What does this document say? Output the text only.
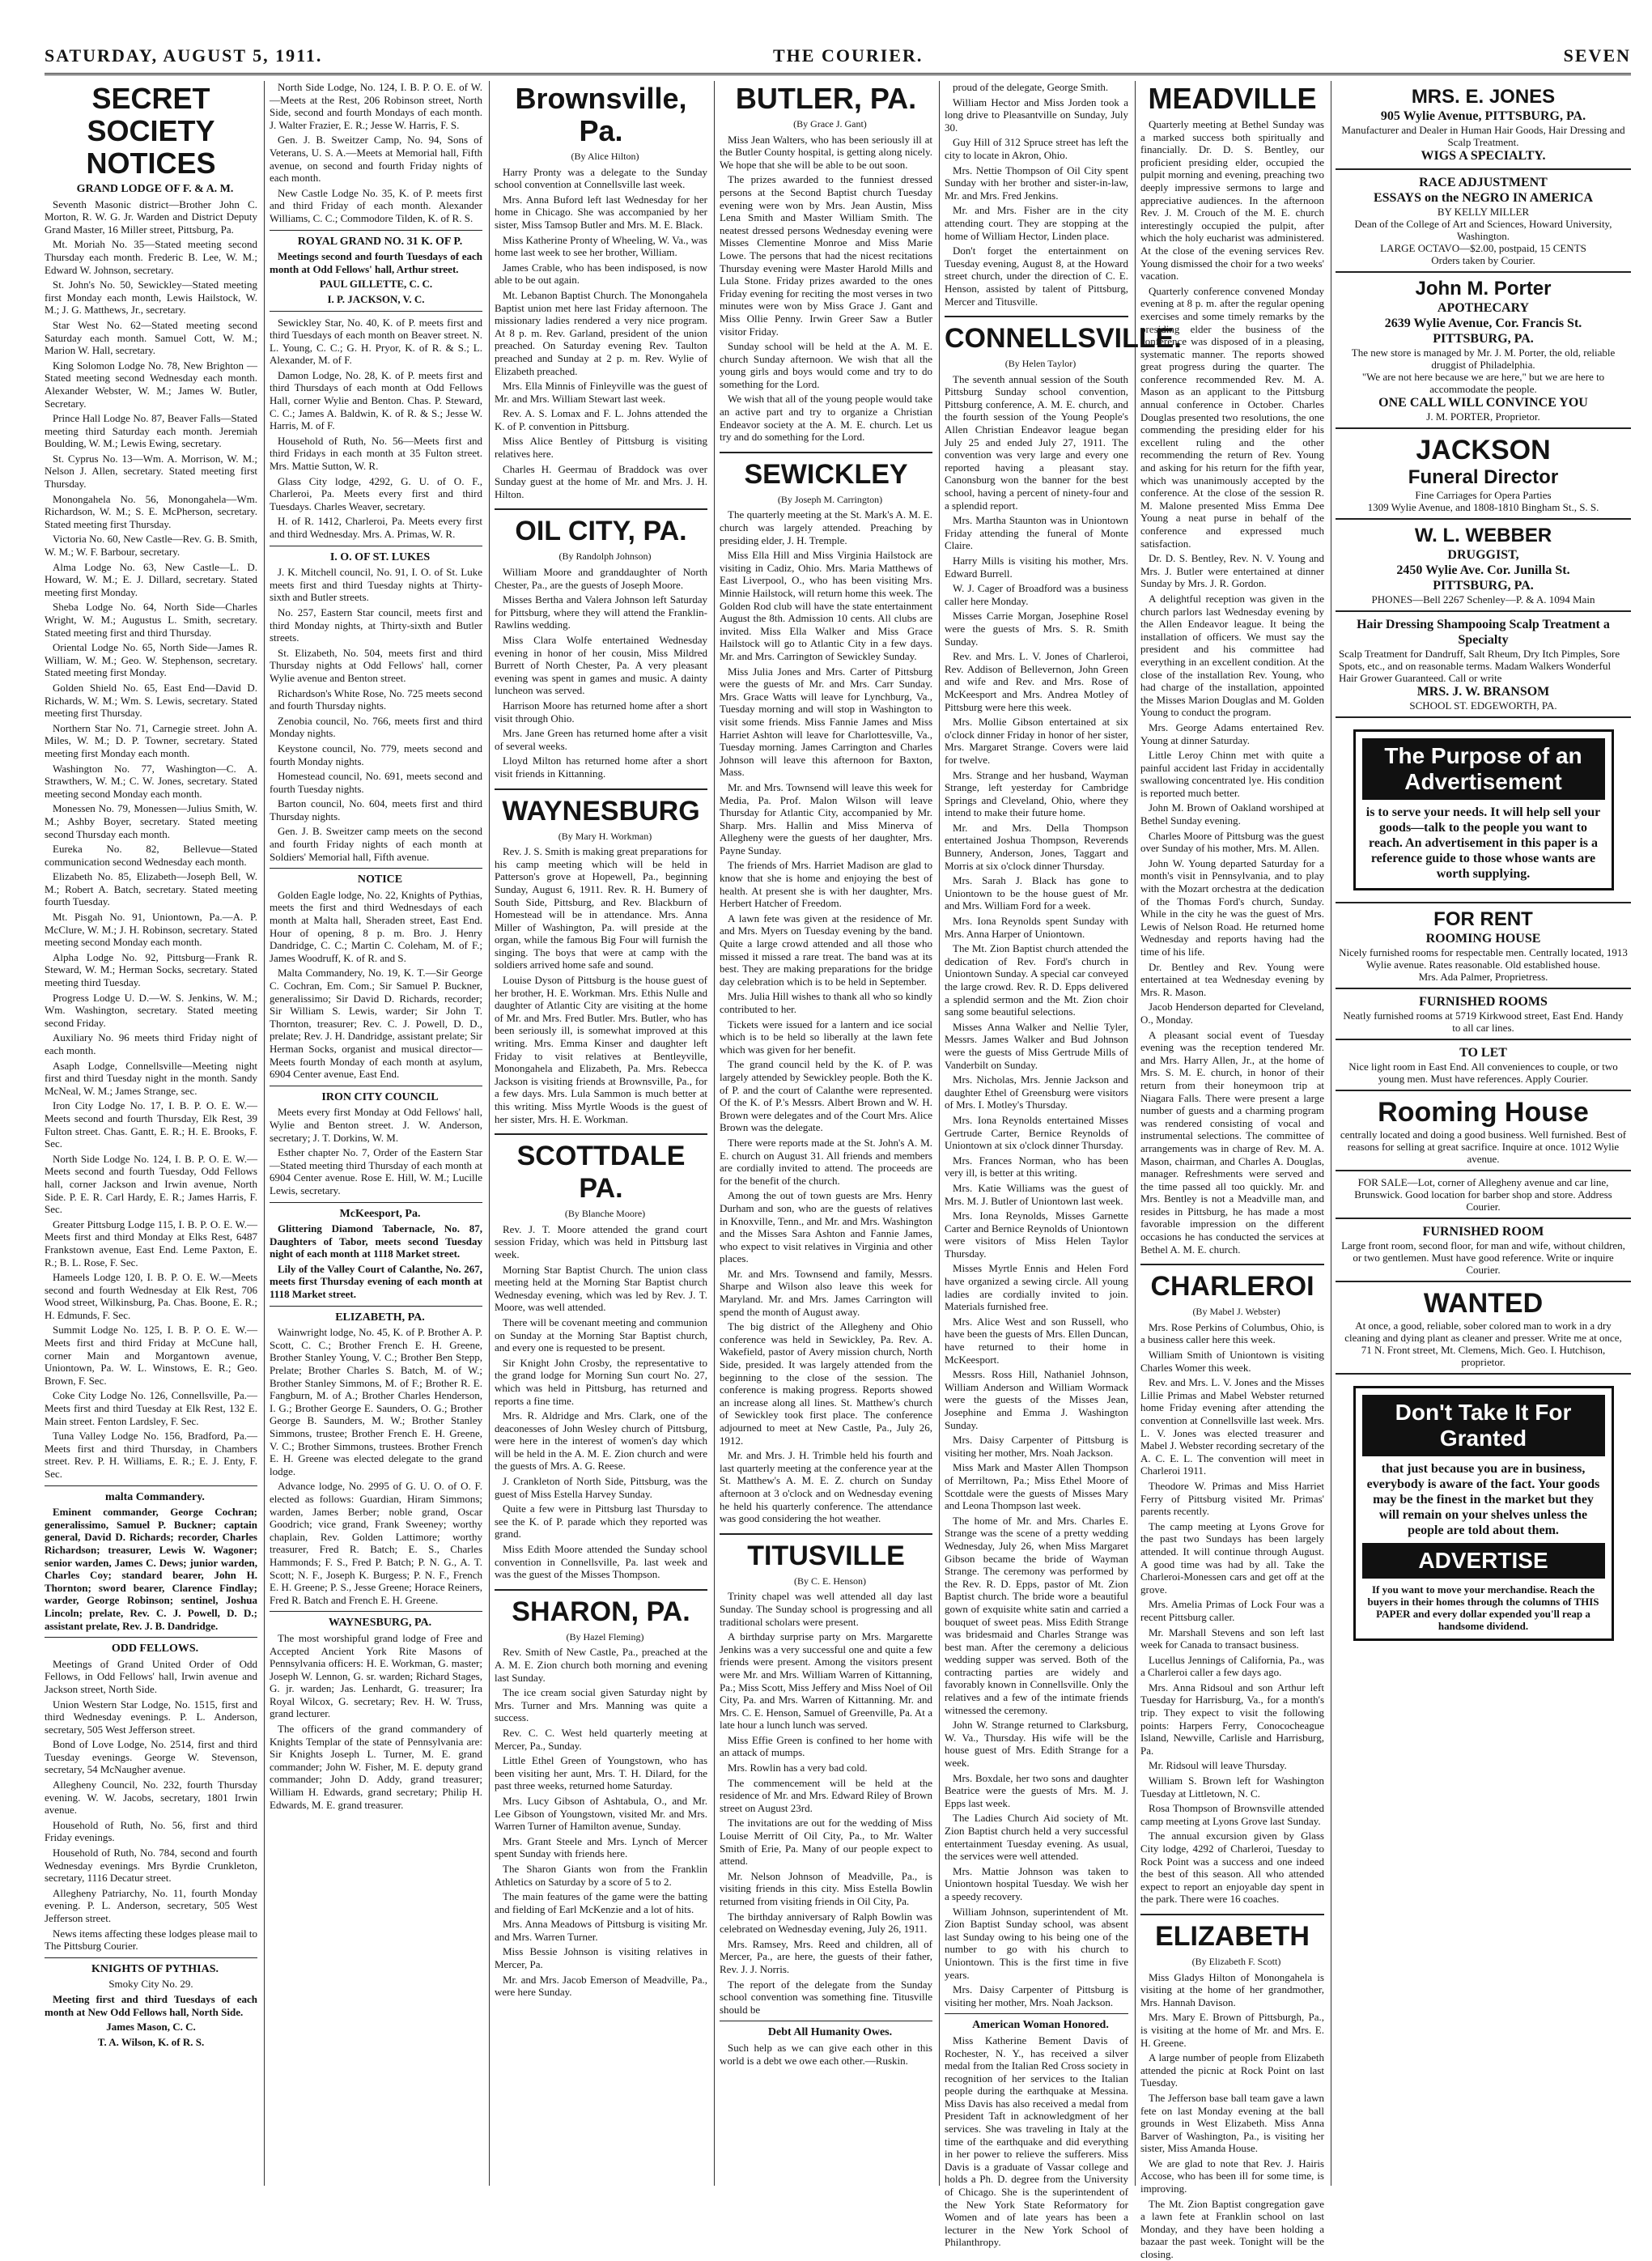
SATURDAY, AUGUST 5, 1911.	THE COURIER.	SEVEN
SECRET SOCIETY NOTICES

GRAND LODGE OF F. & A. M.

Seventh Masonic district—Brother John C. Morton, R. W. G. Jr. Warden and District Deputy Grand Master, 16 Miller street, Pittsburg, Pa.

Mt. Moriah No. 35—Stated meeting second Thursday each month. Frederic B. Lee, W. M.; Edward W. Johnson, secretary.

St. John's No. 50, Sewickley—Stated meeting first Monday each month, Lewis Hailstock, W. M.; J. G. Matthews, Jr., secretary.

Star West No. 62—Stated meeting second Saturday each month. Samuel Cott, W. M.; Marion W. Hall, secretary.

King Solomon Lodge No. 78, New Brighton — Stated meeting second Wednesday each month. Alexander Webster, W. M.; James W. Butler, Secretary.

Prince Hall Lodge No. 87, Beaver Falls—Stated meeting third Saturday each month. Jeremiah Boulding, W. M.; Lewis Ewing, secretary.

St. Cyprus No. 13—Wm. A. Morrison, W. M.; Nelson J. Allen, secretary. Stated meeting first Thursday.

Monongahela No. 56, Monongahela—Wm. Richardson, W. M.; S. E. McPherson, secretary. Stated meeting first Thursday.

Victoria No. 60, New Castle—Rev. G. B. Smith, W. M.; W. F. Barbour, secretary.

Alma Lodge No. 63, New Castle—L. D. Howard, W. M.; E. J. Dillard, secretary. Stated meeting first Monday.

Sheba Lodge No. 64, North Side—Charles Wright, W. M.; Augustus L. Smith, secretary. Stated meeting first and third Thursday.

Oriental Lodge No. 65, North Side—James R. William, W. M.; Geo. W. Stephenson, secretary. Stated meeting first Monday.

Golden Shield No. 65, East End—David D. Richards, W. M.; Wm. S. Lewis, secretary. Stated meeting first Thursday.

Northern Star No. 71, Carnegie street. John A. Miles, W. M.; D. P. Towner, secretary. Stated meeting first Monday each month.

Washington No. 77, Washington—C. A. Strawthers, W. M.; C. W. Jones, secretary. Stated meeting second Monday each month.

Monessen No. 79, Monessen—Julius Smith, W. M.; Ashby Boyer, secretary. Stated meeting second Thursday each month.

Eureka No. 82, Bellevue—Stated communication second Wednesday each month.

Elizabeth No. 85, Elizabeth—Joseph Bell, W. M.; Robert A. Batch, secretary. Stated meeting fourth Tuesday.

Mt. Pisgah No. 91, Uniontown, Pa.—A. P. McClure, W. M.; J. H. Robinson, secretary. Stated meeting second Monday each month.

Alpha Lodge No. 92, Pittsburg—Frank R. Steward, W. M.; Herman Socks, secretary. Stated meeting third Tuesday.

Progress Lodge U. D.—W. S. Jenkins, W. M.; Wm. Washington, secretary. Stated meeting second Friday.

Auxiliary No. 96 meets third Friday night of each month.

Asaph Lodge, Connellsville—Meeting night first and third Tuesday night in the month. Sandy McNeal, W. M.; James Strange, sec.

Iron City Lodge No. 17, I. B. P. O. E. W.—Meets second and fourth Thursday, Elk Rest, 39 Fulton street. Chas. Gantt, E. R.; H. E. Brooks, F. Sec.

North Side Lodge No. 124, I. B. P. O. E. W.—Meets second and fourth Tuesday, Odd Fellows hall, corner Jackson and Irwin avenue, North Side. P. E. R. Carl Hardy, E. R.; James Harris, F. Sec.

Greater Pittsburg Lodge 115, I. B. P. O. E. W.—Meets first and third Monday at Elks Rest, 6487 Frankstown avenue, East End. Leme Paxton, E. R.; B. L. Rose, F. Sec.

Hameels Lodge 120, I. B. P. O. E. W.—Meets second and fourth Wednesday at Elk Rest, 706 Wood street, Wilkinsburg, Pa. Chas. Boone, E. R.; H. Edmunds, F. Sec.

Summit Lodge No. 125, I. B. P. O. E. W.—Meets first and third Friday at McCune hall, corner Main and Morgantown avenue, Uniontown, Pa. W. L. Winstows, E. R.; Geo. Brown, F. Sec.

Coke City Lodge No. 126, Connellsville, Pa.—Meets first and third Tuesday at Elk Rest, 132 E. Main street. Fenton Lardsley, F. Sec.

Tuna Valley Lodge No. 156, Bradford, Pa.—Meets first and third Thursday, in Chambers street. Rev. P. H. Williams, E. R.; E. J. Enty, F. Sec.

malta Commandery.

Eminent commander, George Cochran; generalissimo, Samuel P. Buckner; captain general, David D. Richards; recorder, Charles Richardson; treasurer, Lewis W. Wagoner; senior warden, James C. Dews; junior warden, Charles Coy; standard bearer, John H. Thornton; sword bearer, Clarence Findlay; warder, George Robinson; sentinel, Joshua Lincoln; prelate, Rev. C. J. Powell, D. D.; assistant prelate, Rev. J. B. Dandridge.

ODD FELLOWS.

Meetings of Grand United Order of Odd Fellows, in Odd Fellows' hall, Irwin avenue and Jackson street, North Side.

Union Western Star Lodge, No. 1515, first and third Wednesday evenings. P. L. Anderson, secretary, 505 West Jefferson street.

Bond of Love Lodge, No. 2514, first and third Tuesday evenings. George W. Stevenson, secretary, 54 McNaugher avenue.

Allegheny Council, No. 232, fourth Thursday evening. W. W. Jacobs, secretary, 1801 Irwin avenue.

Household of Ruth, No. 56, first and third Friday evenings.

Household of Ruth, No. 784, second and fourth Wednesday evenings. Mrs Byrdie Crunkleton, secretary, 1116 Decatur street.

Allegheny Patriarchy, No. 11, fourth Monday evening. P. L. Anderson, secretary, 505 West Jefferson street.

News items affecting these lodges please mail to The Pittsburg Courier.

KNIGHTS OF PYTHIAS.

Smoky City No. 29.

Meeting first and third Tuesdays of each month at New Odd Fellows hall, North Side.

James Mason, C. C.

T. A. Wilson, K. of R. S.

North Side Lodge, No. 124, I. B. P. O. E. of W.—Meets at the Rest, 206 Robinson street, North Side, second and fourth Mondays of each month. J. Walter Frazier, E. R.; Jesse W. Harris, F. S.

Gen. J. B. Sweitzer Camp, No. 94, Sons of Veterans, U. S. A.—Meets at Memorial hall, Fifth avenue, on second and fourth Friday nights of each month.

New Castle Lodge No. 35, K. of P. meets first and third Friday of each month. Alexander Williams, C. C.; Commodore Tilden, K. of R. S.

ROYAL GRAND NO. 31 K. OF P.

Meetings second and fourth Tuesdays of each month at Odd Fellows' hall, Arthur street.

PAUL GILLETTE, C. C.

I. P. JACKSON, V. C.

Sewickley Star, No. 40, K. of P. meets first and third Tuesdays of each month on Beaver street. N. L. Young, C. C.; G. H. Pryor, K. of R. & S.; L. Alexander, M. of F.

Damon Lodge, No. 28, K. of P. meets first and third Thursdays of each month at Odd Fellows Hall, corner Wylie and Benton. Chas. P. Steward, C. C.; James A. Baldwin, K. of R. & S.; Jesse W. Harris, M. of F.

Household of Ruth, No. 56—Meets first and third Fridays in each month at 35 Fulton street. Mrs. Mattie Sutton, W. R.

Glass City lodge, 4292, G. U. of O. F., Charleroi, Pa. Meets every first and third Tuesdays. Charles Weaver, secretary.

H. of R. 1412, Charleroi, Pa. Meets every first and third Wednesday. Mrs. A. Primas, W. R.

I. O. OF ST. LUKES

J. K. Mitchell council, No. 91, I. O. of St. Luke meets first and third Tuesday nights at Thirty-sixth and Butler streets.

No. 257, Eastern Star council, meets first and third Monday nights, at Thirty-sixth and Butler streets.

St. Elizabeth, No. 504, meets first and third Thursday nights at Odd Fellows' hall, corner Wylie avenue and Benton street.

Richardson's White Rose, No. 725 meets second and fourth Thursday nights.

Zenobia council, No. 766, meets first and third Monday nights.

Keystone council, No. 779, meets second and fourth Monday nights.

Homestead council, No. 691, meets second and fourth Tuesday nights.

Barton council, No. 604, meets first and third Thursday nights.

Gen. J. B. Sweitzer camp meets on the second and fourth Friday nights of each month at Soldiers' Memorial hall, Fifth avenue.

NOTICE

Golden Eagle lodge, No. 22, Knights of Pythias, meets the first and third Wednesdays of each month at Malta hall, Sheraden street, East End. Hour of opening, 8 p. m. Bro. J. Henry Dandridge, C. C.; Martin C. Coleham, M. of F.; James Woodruff, K. of R. and S.

Malta Commandery, No. 19, K. T.—Sir George C. Cochran, Em. Com.; Sir Samuel P. Buckner, generalissimo; Sir David D. Richards, recorder; Sir William S. Lewis, warder; Sir John T. Thornton, treasurer; Rev. C. J. Powell, D. D., prelate; Rev. J. H. Dandridge, assistant prelate; Sir Herman Socks, organist and musical director—Meets fourth Monday of each month at asylum, 6904 Center avenue, East End.

IRON CITY COUNCIL

Meets every first Monday at Odd Fellows' hall, Wylie and Benton street. J. W. Anderson, secretary; J. T. Dorkins, W. M.

Esther chapter No. 7, Order of the Eastern Star—Stated meeting third Thursday of each month at 6904 Center avenue. Rose E. Hill, W. M.; Lucille Lewis, secretary.

McKeesport, Pa.

Glittering Diamond Tabernacle, No. 87, Daughters of Tabor, meets second Tuesday night of each month at 1118 Market street.

Lily of the Valley Court of Calanthe, No. 267, meets first Thursday evening of each month at 1118 Market street.

ELIZABETH, PA.

Wainwright lodge, No. 45, K. of P. Brother A. P. Scott, C. C.; Brother French E. H. Greene, Brother Stanley Young, V. C.; Brother Ben Stepp, Prelate; Brother Charles S. Batch, M. of W.; Brother Stanley Simmons, M. of F.; Brother R. E. Fangburn, M. of A.; Brother Charles Henderson, I. G.; Brother George E. Saunders, O. G.; Brother George B. Saunders, M. W.; Brother Stanley Simmons, trustee; Brother French E. H. Greene, V. C.; Brother Simmons, trustees. Brother French E. H. Greene was elected delegate to the grand lodge.

Advance lodge, No. 2995 of G. U. O. of O. F. elected as follows: Guardian, Hiram Simmons; warden, James Berber; noble grand, Oscar Goodrich; vice grand, Frank Sweeney; worthy chaplain, Rev. Golden Lattimore; worthy treasurer, Fred R. Batch; E. S., Charles Hammonds; F. S., Fred P. Batch; P. N. G., A. T. Scott; N. F., Joseph K. Burgess; P. N. F., French E. H. Greene; P. S., Jesse Greene; Horace Reiners, Fred R. Batch and French E. H. Greene.

WAYNESBURG, PA.

The most worshipful grand lodge of Free and Accepted Ancient York Rite Masons of Pennsylvania officers: H. E. Workman, G. master; Joseph W. Lennon, G. sr. warden; Richard Stages, G. jr. warden; Jas. Lenhardt, G. treasurer; Ira Royal Wilcox, G. secretary; Rev. H. W. Truss, grand lecturer.

The officers of the grand commandery of Knights Templar of the state of Pennsylvania are: Sir Knights Joseph L. Turner, M. E. grand commander; John W. Fisher, M. E. deputy grand commander; John D. Addy, grand treasurer; William H. Edwards, grand secretary; Philip H. Edwards, M. E. grand treasurer.

Brownsville, Pa.

(By Alice Hilton)

Harry Pronty was a delegate to the Sunday school convention at Connellsville last week.

Mrs. Anna Buford left last Wednesday for her home in Chicago. She was accompanied by her sister, Miss Tamsop Butler and Mrs. M. E. Black.

Miss Katherine Pronty of Wheeling, W. Va., was home last week to see her brother, William.

James Crable, who has been indisposed, is now able to be out again.

Mt. Lebanon Baptist Church. The Monongahela Baptist union met here last Friday afternoon. The missionary ladies rendered a very nice program. At 8 p. m. Rev. Garland, president of the union preached. On Saturday evening Rev. Taulton preached and Sunday at 2 p. m. Rev. Wylie of Elizabeth preached.

Mrs. Ella Minnis of Finleyville was the guest of Mr. and Mrs. William Stewart last week.

Rev. A. S. Lomax and F. L. Johns attended the K. of P. convention in Pittsburg.

Miss Alice Bentley of Pittsburg is visiting relatives here.

Charles H. Geermau of Braddock was over Sunday guest at the home of Mr. and Mrs. J. H. Hilton.

OIL CITY, PA.

(By Randolph Johnson)

William Moore and granddaughter of North Chester, Pa., are the guests of Joseph Moore.

Misses Bertha and Valera Johnson left Saturday for Pittsburg, where they will attend the Franklin-Rawlins wedding.

Miss Clara Wolfe entertained Wednesday evening in honor of her cousin, Miss Mildred Burrett of North Chester, Pa. A very pleasant evening was spent in games and music. A dainty luncheon was served.

Harrison Moore has returned home after a short visit through Ohio.

Mrs. Jane Green has returned home after a visit of several weeks.

Lloyd Milton has returned home after a short visit friends in Kittanning.

WAYNESBURG

(By Mary H. Workman)

Rev. J. S. Smith is making great preparations for his camp meeting which will be held in Patterson's grove at Hopewell, Pa., beginning Sunday, August 6, 1911. Rev. R. H. Bumery of South Side, Pittsburg, and Rev. Blackburn of Homestead will be in attendance. Mrs. Anna Miller of Washington, Pa. will preside at the organ, while the famous Big Four will furnish the singing. The boys that were at camp with the soldiers arrived home safe and sound.

Louise Dyson of Pittsburg is the house guest of her brother, H. E. Workman. Mrs. Ethis Nulle and daughter of Atlantic City are visiting at the home of Mr. and Mrs. Fred Butler. Mrs. Butler, who has been seriously ill, is somewhat improved at this writing. Mrs. Emma Kinser and daughter left Friday to visit relatives at Bentleyville, Monongahela and Elizabeth, Pa. Mrs. Rebecca Jackson is visiting friends at Brownsville, Pa., for a few days. Mrs. Lula Sammon is much better at this writing. Miss Myrtle Woods is the guest of her sister, Mrs. H. E. Workman.

SCOTTDALE PA.

(By Blanche Moore)

Rev. J. T. Moore attended the grand court session Friday, which was held in Pittsburg last week.

Morning Star Baptist Church. The union class meeting held at the Morning Star Baptist church Wednesday evening, which was led by Rev. J. T. Moore, was well attended.

There will be covenant meeting and communion on Sunday at the Morning Star Baptist church, and every one is requested to be present.

Sir Knight John Crosby, the representative to the grand lodge for Morning Sun court No. 27, which was held in Pittsburg, has returned and reports a fine time.

Mrs. R. Aldridge and Mrs. Clark, one of the deaconesses of John Wesley church of Pittsburg, were here in the interest of women's day which will be held in the A. M. E. Zion church and were the guests of Mrs. A. G. Reese.

J. Crankleton of North Side, Pittsburg, was the guest of Miss Estella Harvey Sunday.

Quite a few were in Pittsburg last Thursday to see the K. of P. parade which they reported was grand.

Miss Edith Moore attended the Sunday school convention in Connellsville, Pa. last week and was the guest of the Misses Thompson.

SHARON, PA.

(By Hazel Fleming)

Rev. Smith of New Castle, Pa., preached at the A. M. E. Zion church both morning and evening last Sunday.

The ice cream social given Saturday night by Mrs. Turner and Mrs. Manning was quite a success.

Rev. C. C. West held quarterly meeting at Mercer, Pa., Sunday.

Little Ethel Green of Youngstown, who has been visiting her aunt, Mrs. T. H. Dilard, for the past three weeks, returned home Saturday.

Mrs. Lucy Gibson of Ashtabula, O., and Mr. Lee Gibson of Youngstown, visited Mr. and Mrs. Warren Turner of Hamilton avenue, Sunday.

Mrs. Grant Steele and Mrs. Lynch of Mercer spent Sunday with friends here.

The Sharon Giants won from the Franklin Athletics on Saturday by a score of 5 to 2.

The main features of the game were the batting and fielding of Earl McKenzie and a lot of hits.

Mrs. Anna Meadows of Pittsburg is visiting Mr. and Mrs. Warren Turner.

Miss Bessie Johnson is visiting relatives in Mercer, Pa.

Mr. and Mrs. Jacob Emerson of Meadville, Pa., were here Sunday.

BUTLER, PA.

(By Grace J. Gant)

Miss Jean Walters, who has been seriously ill at the Butler County hospital, is getting along nicely. We hope that she will be able to be out soon.

The prizes awarded to the funniest dressed persons at the Second Baptist church Tuesday evening were won by Mrs. Jean Austin, Miss Lena Smith and Master William Smith. The neatest dressed persons Wednesday evening were Misses Clementine Monroe and Miss Marie Lowe. The persons that had the nicest recitations Thursday evening were Master Harold Mills and Lula Stone. Friday prizes awarded to the ones Friday evening for reciting the most verses in two minutes were won by Miss Grace J. Gant and Miss Ollie Penny. Irwin Greer Saw a Butler visitor Friday.

Sunday school will be held at the A. M. E. church Sunday afternoon. We wish that all the young girls and boys would come and try to do something for the Lord.

We wish that all of the young people would take an active part and try to organize a Christian Endeavor society at the A. M. E. church. Let us try and do something for the Lord.

SEWICKLEY

(By Joseph M. Carrington)

The quarterly meeting at the St. Mark's A. M. E. church was largely attended. Preaching by presiding elder, J. H. Tremple.

Miss Ella Hill and Miss Virginia Hailstock are visiting in Cadiz, Ohio. Mrs. Maria Matthews of East Liverpool, O., who has been visiting Mrs. Minnie Hailstock, will return home this week. The Golden Rod club will have the state entertainment August the 8th. Admission 10 cents. All clubs are invited. Miss Ella Walker and Miss Grace Hailstock will go to Atlantic City in a few days. Mr. and Mrs. Carrington of Sewickley Sunday.

Miss Julia Jones and Mrs. Carter of Pittsburg were the guests of Mr. and Mrs. Carr Sunday. Mrs. Grace Watts will leave for Lynchburg, Va., Tuesday morning and will stop in Washington to visit some friends. Miss Fannie James and Miss Harriet Ashton will leave for Charlottesville, Va., Tuesday morning. James Carrington and Charles Johnson will leave this afternoon for Baxton, Mass.

Mr. and Mrs. Townsend will leave this week for Media, Pa. Prof. Malon Wilson will leave Thursday for Atlantic City, accompanied by Mr. Sharp. Mrs. Hallin and Miss Minerva of Allegheny were the guests of her daughter, Mrs. Payne Sunday.

The friends of Mrs. Harriet Madison are glad to know that she is home and enjoying the best of health. At present she is with her daughter, Mrs. Herbert Hatcher of Freedom.

A lawn fete was given at the residence of Mr. and Mrs. Myers on Tuesday evening by the band. Quite a large crowd attended and all those who missed it missed a rare treat. The band was at its best. They are making preparations for the bridge day celebration which is to be held in September.

Mrs. Julia Hill wishes to thank all who so kindly contributed to her.

Tickets were issued for a lantern and ice social which is to be held so liberally at the lawn fete which was given for her benefit.

The grand council held by the K. of P. was largely attended by Sewickley people. Both the K. of P. and the court of Calanthe were represented. Of the K. of P.'s Messrs. Albert Brown and W. H. Brown were delegates and of the Court Mrs. Alice Brown was the delegate.

There were reports made at the St. John's A. M. E. church on August 31. All friends and members are cordially invited to attend. The proceeds are for the benefit of the church.

Among the out of town guests are Mrs. Henry Durham and son, who are the guests of relatives in Knoxville, Tenn., and Mr. and Mrs. Washington and the Misses Sara Ashton and Fannie James, who expect to visit relatives in Virginia and other places.

Mr. and Mrs. Townsend and family, Messrs. Sharpe and Wilson also leave this week for Maryland. Mr. and Mrs. James Carrington will spend the month of August away.

The big district of the Allegheny and Ohio conference was held in Sewickley, Pa. Rev. A. Wakefield, pastor of Avery mission church, North Side, presided. It was largely attended from the beginning to the close of the session. The conference is making progress. Reports showed an increase along all lines. St. Matthew's church of Sewickley took first place. The conference adjourned to meet at New Castle, Pa., July 26, 1912.

Mr. and Mrs. J. H. Trimble held his fourth and last quarterly meeting at the conference year at the St. Matthew's A. M. E. Z. church on Sunday afternoon at 3 o'clock and on Wednesday evening he held his quarterly conference. The attendance was good considering the hot weather.

TITUSVILLE

(By C. E. Henson)

Trinity chapel was well attended all day last Sunday. The Sunday school is progressing and all traditional scholars were present.

A birthday surprise party on Mrs. Margarette Jenkins was a very successful one and quite a few friends were present. Among the visitors present were Mr. and Mrs. William Warren of Kittanning, Pa.; Miss Scott, Miss Jeffery and Miss Noel of Oil City, Pa. and Mrs. Warren of Kittanning. Mr. and Mrs. C. E. Henson, Samuel of Greenville, Pa. At a late hour a lunch lunch was served.

Miss Effie Green is confined to her home with an attack of mumps.

Mrs. Rowlin has a very bad cold.

The commencement will be held at the residence of Mr. and Mrs. Edward Riley of Brown street on August 23rd.

The invitations are out for the wedding of Miss Louise Merritt of Oil City, Pa., to Mr. Walter Smith of Erie, Pa. Many of our people expect to attend.

Mr. Nelson Johnson of Meadville, Pa., is visiting friends in this city. Miss Estella Bowlin returned from visiting friends in Oil City, Pa.

The birthday anniversary of Ralph Bowlin was celebrated on Wednesday evening, July 26, 1911.

Mrs. Ramsey, Mrs. Reed and children, all of Mercer, Pa., are here, the guests of their father, Rev. J. J. Norris.

The report of the delegate from the Sunday school convention was something fine. Titusville should be

Debt All Humanity Owes.

Such help as we can give each other in this world is a debt we owe each other.—Ruskin.

proud of the delegate, George Smith.

William Hector and Miss Jorden took a long drive to Pleasantville on Sunday, July 30.

Guy Hill of 312 Spruce street has left the city to locate in Akron, Ohio.

Mrs. Nettie Thompson of Oil City spent Sunday with her brother and sister-in-law, Mr. and Mrs. Fred Jenkins.

Mr. and Mrs. Fisher are in the city attending court. They are stopping at the home of William Hector, Linden place.

Don't forget the entertainment on Tuesday evening, August 8, at the Howard street church, under the direction of C. E. Henson, assisted by talent of Pittsburg, Mercer and Titusville.

CONNELLSVILLE.

(By Helen Taylor)

The seventh annual session of the South Pittsburg Sunday school convention, Pittsburg conference, A. M. E. church, and the fourth session of the Young People's Allen Christian Endeavor league began July 25 and ended July 27, 1911. The convention was very large and every one reported having a pleasant stay. Canonsburg won the banner for the best school, having a percent of ninety-four and a splendid report.

Mrs. Martha Staunton was in Uniontown Friday attending the funeral of Monte Claire.

Harry Mills is visiting his mother, Mrs. Edward Burrell.

W. J. Cager of Broadford was a business caller here Monday.

Misses Carrie Morgan, Josephine Rosel were the guests of Mrs. S. R. Smith Sunday.

Rev. and Mrs. L. V. Jones of Charleroi, Rev. Addison of Bellevernon, John Green and wife and Rev. and Mrs. Rose of McKeesport and Mrs. Andrea Motley of Pittsburg were here this week.

Mrs. Mollie Gibson entertained at six o'clock dinner Friday in honor of her sister, Mrs. Margaret Strange. Covers were laid for twelve.

Mrs. Strange and her husband, Wayman Strange, left yesterday for Cambridge Springs and Cleveland, Ohio, where they intend to make their future home.

Mr. and Mrs. Della Thompson entertained Joshua Thompson, Reverends Bunnery, Anderson, Jones, Taggart and Morris at six o'clock dinner Thursday.

Mrs. Sarah J. Black has gone to Uniontown to be the house guest of Mr. and Mrs. William Ford for a week.

Mrs. Iona Reynolds spent Sunday with Mrs. Anna Harper of Uniontown.

The Mt. Zion Baptist church attended the dedication of Rev. Ford's church in Uniontown Sunday. A special car conveyed the large crowd. Rev. R. D. Epps delivered a splendid sermon and the Mt. Zion choir sang some beautiful selections.

Misses Anna Walker and Nellie Tyler, Messrs. James Walker and Bud Johnson were the guests of Miss Gertrude Mills of Vanderbilt on Sunday.

Mrs. Nicholas, Mrs. Jennie Jackson and daughter Ethel of Greensburg were visitors of Mrs. I. Motley's Thursday.

Mrs. Iona Reynolds entertained Misses Gertrude Carter, Bernice Reynolds of Uniontown at six o'clock dinner Thursday.

Mrs. Frances Norman, who has been very ill, is better at this writing.

Mrs. Katie Williams was the guest of Mrs. M. J. Butler of Uniontown last week.

Mrs. Iona Reynolds, Misses Garnette Carter and Bernice Reynolds of Uniontown were visitors of Miss Helen Taylor Thursday.

Misses Myrtle Ennis and Helen Ford have organized a sewing circle. All young ladies are cordially invited to join. Materials furnished free.

Mrs. Alice West and son Russell, who have been the guests of Mrs. Ellen Duncan, have returned to their home in McKeesport.

Messrs. Ross Hill, Nathaniel Johnson, William Anderson and William Wormack were the guests of the Misses Jean, Josephine and Emma J. Washington Sunday.

Mrs. Daisy Carpenter of Pittsburg is visiting her mother, Mrs. Noah Jackson.

Miss Mark and Master Allen Thompson of Merriltown, Pa.; Miss Ethel Moore of Scottdale were the guests of Misses Mary and Leona Thompson last week.

The home of Mr. and Mrs. Charles E. Strange was the scene of a pretty wedding Wednesday, July 26, when Miss Margaret Gibson became the bride of Wayman Strange. The ceremony was performed by the Rev. R. D. Epps, pastor of Mt. Zion Baptist church. The bride wore a beautiful gown of exquisite white satin and carried a bouquet of sweet peas. Miss Edith Strange was bridesmaid and Charles Strange was best man. After the ceremony a delicious wedding supper was served. Both of the contracting parties are widely and favorably known in Connellsville. Only the relatives and a few of the intimate friends witnessed the ceremony.

John W. Strange returned to Clarksburg, W. Va., Thursday. His wife will be the house guest of Mrs. Edith Strange for a week.

Mrs. Boxdale, her two sons and daughter Beatrice were the guests of Mrs. M. J. Epps last week.

The Ladies Church Aid society of Mt. Zion Baptist church held a very successful entertainment Tuesday evening. As usual, the services were well attended.

Mrs. Mattie Johnson was taken to Uniontown hospital Tuesday. We wish her a speedy recovery.

William Johnson, superintendent of Mt. Zion Baptist Sunday school, was absent last Sunday owing to his being one of the number to go with his church to Uniontown. This is the first time in five years.

Mrs. Daisy Carpenter of Pittsburg is visiting her mother, Mrs. Noah Jackson.

American Woman Honored.

Miss Katherine Bement Davis of Rochester, N. Y., has received a silver medal from the Italian Red Cross society in recognition of her services to the Italian people during the earthquake at Messina. Miss Davis has also received a medal from President Taft in acknowledgment of her services. She was traveling in Italy at the time of the earthquake and did everything in her power to relieve the sufferers. Miss Davis is a graduate of Vassar college and holds a Ph. D. degree from the University of Chicago. She is the superintendent of the New York State Reformatory for Women and of late years has been a lecturer in the New York School of Philanthropy.

MEADVILLE

Quarterly meeting at Bethel Sunday was a marked success both spiritually and financially. Dr. D. S. Bentley, our proficient presiding elder, occupied the pulpit morning and evening, preaching two deeply impressive sermons to large and appreciative audiences. In the afternoon Rev. J. M. Crouch of the M. E. church interestingly occupied the pulpit, after which the holy eucharist was administered. At the close of the evening services Rev. Young dismissed the choir for a two weeks' vacation.

Quarterly conference convened Monday evening at 8 p. m. after the regular opening exercises and some timely remarks by the presiding elder the business of the conference was disposed of in a pleasing, systematic manner. The reports showed great progress during the quarter. The conference recommended Rev. M. A. Mason as an applicant to the Pittsburg annual conference in October. Charles Douglas presented two resolutions, the one commending the presiding elder for his excellent ruling and the other recommending the return of Rev. Young and asking for his return for the fifth year, which was unanimously accepted by the conference. At the close of the session R. M. Malone presented Miss Emma Dee Young a neat purse in behalf of the conference and expressed much satisfaction.

Dr. D. S. Bentley, Rev. N. V. Young and Mrs. J. Butler were entertained at dinner Sunday by Mrs. J. R. Gordon.

A delightful reception was given in the church parlors last Wednesday evening by the Allen Endeavor league. It being the installation of officers. We must say the president and his committee had everything in an excellent condition. At the close of the installation Rev. Young, who had charge of the installation, appointed the Misses Marion Douglas and M. Golden Young to conduct the program.

Mrs. George Adams entertained Rev. Young at dinner Saturday.

Little Leroy Chinn met with quite a painful accident last Friday in accidentally swallowing concentrated lye. His condition is reported much better.

John M. Brown of Oakland worshiped at Bethel Sunday evening.

Charles Moore of Pittsburg was the guest over Sunday of his mother, Mrs. M. Allen.

John W. Young departed Saturday for a month's visit in Pennsylvania, and to play with the Mozart orchestra at the dedication of the Thomas Ford's church, Sunday. While in the city he was the guest of Mrs. Lewis of Nelson Road. He returned home Wednesday and reports having had the time of his life.

Dr. Bentley and Rev. Young were entertained at tea Wednesday evening by Mrs. R. Mason.

Jacob Henderson departed for Cleveland, O., Monday.

A pleasant social event of Tuesday evening was the reception tendered Mr. and Mrs. Harry Allen, Jr., at the home of Mrs. S. M. E. church, in honor of their return from their honeymoon trip at Niagara Falls. There were present a large number of guests and a charming program was rendered consisting of vocal and instrumental selections. The committee of arrangements was in charge of Rev. M. A. Mason, chairman, and Charles A. Douglas, manager. Refreshments were served and the time passed all too quickly. Mr. and Mrs. Bentley is not a Meadville man, and resides in Pittsburg, he has made a most favorable impression on the different occasions he has conducted the services at Bethel A. M. E. church.

CHARLEROI

(By Mabel J. Webster)

Mrs. Rose Perkins of Columbus, Ohio, is a business caller here this week.

William Smith of Uniontown is visiting Charles Womer this week.

Rev. and Mrs. L. V. Jones and the Misses Lillie Primas and Mabel Webster returned home Friday evening after attending the convention at Connellsville last week. Mrs. L. V. Jones was elected treasurer and Mabel J. Webster recording secretary of the A. C. E. L. The convention will meet in Charleroi 1911.

Theodore W. Primas and Miss Harriet Ferry of Pittsburg visited Mr. Primas' parents recently.

The camp meeting at Lyons Grove for the past two Sundays has been largely attended. It will continue through August. A good time was had by all. Take the Charleroi-Monessen cars and get off at the grove.

Mrs. Amelia Primas of Lock Four was a recent Pittsburg caller.

Mr. Marshall Stevens and son left last week for Canada to transact business.

Lucellus Jennings of California, Pa., was a Charleroi caller a few days ago.

Mrs. Anna Ridsoul and son Arthur left Tuesday for Harrisburg, Va., for a month's trip. They expect to visit the following points: Harpers Ferry, Conococheague Island, Newville, Carlisle and Harrisburg, Pa.

Mr. Ridsoul will leave Thursday.

William S. Brown left for Washington Tuesday at Littletown, N. C.

Rosa Thompson of Brownsville attended camp meeting at Lyons Grove last Sunday.

The annual excursion given by Glass City lodge, 4292 of Charleroi, Tuesday to Rock Point was a success and one indeed the best of this season. All who attended expect to report an enjoyable day spent in the park. There were 16 coaches.

ELIZABETH

(By Elizabeth F. Scott)

Miss Gladys Hilton of Monongahela is visiting at the home of her grandmother, Mrs. Hannah Davison.

Mrs. Mary E. Brown of Pittsburgh, Pa., is visiting at the home of Mr. and Mrs. E. H. Greene.

A large number of people from Elizabeth attended the picnic at Rock Point on last Tuesday.

The Jefferson base ball team gave a lawn fete on last Monday evening at the ball grounds in West Elizabeth. Miss Anna Barver of Washington, Pa., is visiting her sister, Miss Amanda House.

We are glad to note that Rev. J. Hairis Accose, who has been ill for some time, is improving.

The Mt. Zion Baptist congregation gave a lawn fete at Franklin school on last Monday, and they have been holding a bazaar the past week. Tonight will be the closing.

MRS. E. JONES
905 Wylie Avenue, PITTSBURG, PA.
Manufacturer and Dealer in Human Hair Goods, Hair Dressing and Scalp Treatment.
WIGS A SPECIALTY.
RACE ADJUSTMENT
ESSAYS on the NEGRO IN AMERICA
BY KELLY MILLER
Dean of the College of Art and Sciences, Howard University, Washington.
LARGE OCTAVO—$2.00, postpaid, 15 CENTS
Orders taken by Courier.
John M. Porter
APOTHECARY
2639 Wylie Avenue, Cor. Francis St.
PITTSBURG, PA.
The new store is managed by Mr. J. M. Porter, the old, reliable druggist of Philadelphia.
"We are not here because we are here," but we are here to accommodate the people.
ONE CALL WILL CONVINCE YOU
J. M. PORTER, Proprietor.
JACKSON
Funeral Director
Fine Carriages for Opera Parties
1309 Wylie Avenue, and 1808-1810 Bingham St., S. S.
W. L. WEBBER
DRUGGIST,
2450 Wylie Ave. Cor. Junilla St.
PITTSBURG, PA.
PHONES—Bell 2267 Schenley—P. & A. 1094 Main
Hair Dressing Shampooing Scalp Treatment a Specialty
Scalp Treatment for Dandruff, Salt Rheum, Dry Itch Pimples, Sore Spots, etc., and on reasonable terms. Madam Walkers Wonderful Hair Grower Guaranteed. Call or write
MRS. J. W. BRANSOM
SCHOOL ST. EDGEWORTH, PA.
The Purpose of an Advertisement
is to serve your needs. It will help sell your goods—talk to the people you want to reach. An advertisement in this paper is a reference guide to those whose wants are worth supplying.
FOR RENT
ROOMING HOUSE
Nicely furnished rooms for respectable men. Centrally located, 1913 Wylie avenue. Rates reasonable. Old established house.
Mrs. Ada Palmer, Proprietress.
FURNISHED ROOMS
Neatly furnished rooms at 5719 Kirkwood street, East End. Handy to all car lines.
TO LET
Nice light room in East End. All conveniences to couple, or two young men. Must have references. Apply Courier.
Rooming House
centrally located and doing a good business. Well furnished. Best of reasons for selling at great sacrifice. Inquire at once. 1012 Wylie avenue.
FOR SALE—Lot, corner of Allegheny avenue and car line, Brunswick. Good location for barber shop and store. Address Courier.
FURNISHED ROOM
Large front room, second floor, for man and wife, without children, or two gentlemen. Must have good reference. Write or inquire Courier.
WANTED
At once, a good, reliable, sober colored man to work in a dry cleaning and dying plant as cleaner and presser. Write me at once, 71 N. Front street, Mt. Clemens, Mich. Geo. I. Hutchison, proprietor.
Don't Take It For Granted
that just because you are in business, everybody is aware of the fact. Your goods may be the finest in the market but they will remain on your shelves unless the people are told about them.
ADVERTISE
If you want to move your merchandise. Reach the buyers in their homes through the columns of THIS PAPER and every dollar expended you'll reap a handsome dividend.
